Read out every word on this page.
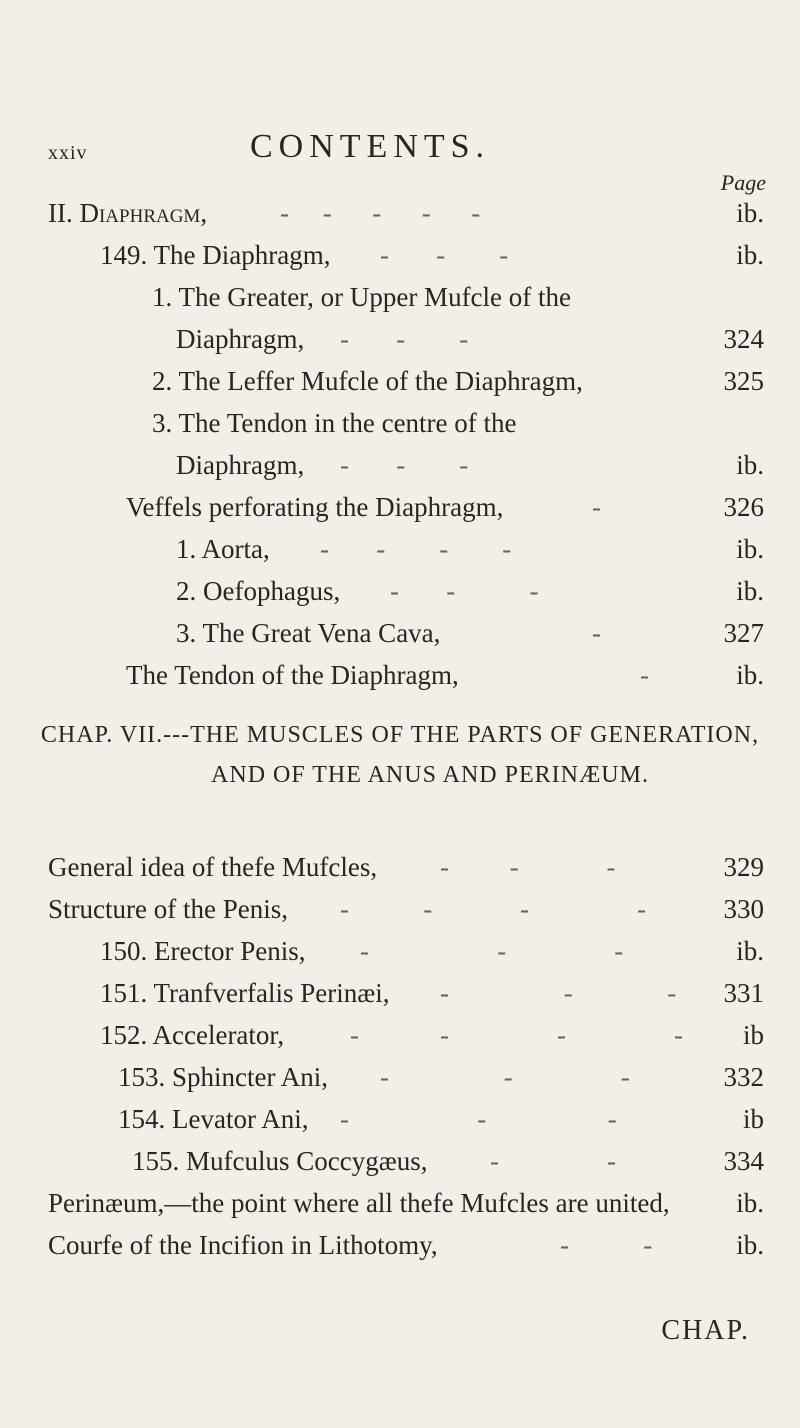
xxiv	CONTENTS.
Page
II. Diaphragm,	-     -      -      -      -	ib.
149. The Diaphragm, -       -        -	ib.
1. The Greater, or Upper Mufcle of the
Diaphragm, -       -        -	324
2. The Leffer Mufcle of the Diaphragm,	325
3. The Tendon in the centre of the
Diaphragm, -       -        -	ib.
Veffels perforating the Diaphragm,	-	326
1. Aorta, -       -        -        -	ib.
2. Oefophagus, -       -           -	ib.
3. The Great Vena Cava,	-	327
The Tendon of the Diaphragm,	-	ib.
CHAP. VII.---THE MUSCLES OF THE PARTS OF GENERATION,
AND OF THE ANUS AND PERINÆUM.
General idea of thefe Mufcles, -         -             -	329
Structure of the Penis, -           -             -                -	330
150. Erector Penis, -                   -                -	ib.
151. Tranfverfalis Perinæi, -                 -              - 331
152. Accelerator, -            -                -                - ib
153. Sphincter Ani, -                 -                -	332
154. Levator Ani, -                   -                  -	ib
155. Mufculus Coccygæus, -                -	334
Perinæum,—the point where all thefe Mufcles are united, ib.
Courfe of the Incifion in Lithotomy,	-           -	ib.
CHAP.
